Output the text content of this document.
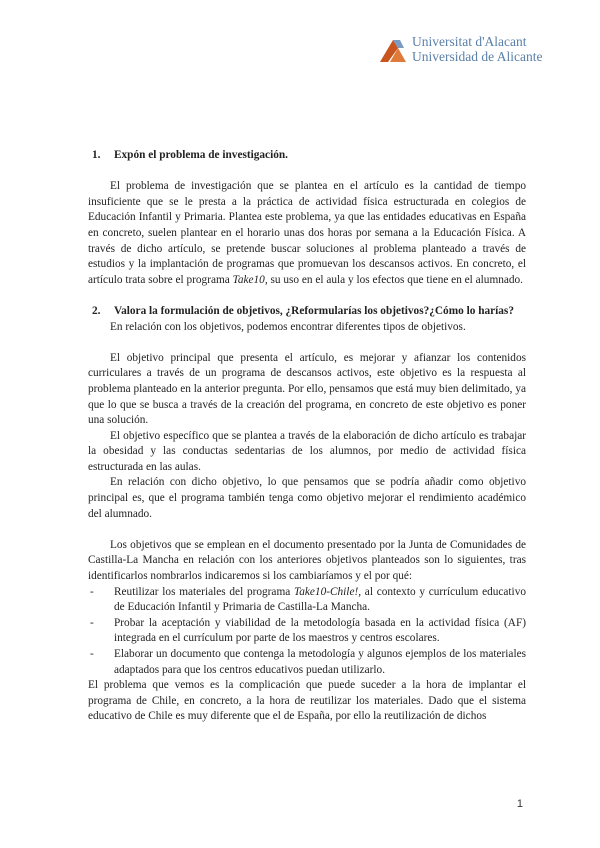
Universitat d'Alacant
Universidad de Alicante
1.	Expón el problema de investigación.

El problema de investigación que se plantea en el artículo es la cantidad de tiempo insuficiente que se le presta a la práctica de actividad física estructurada en colegios de Educación Infantil y Primaria. Plantea este problema, ya que las entidades educativas en España en concreto, suelen plantear en el horario unas dos horas por semana a la Educación Física. A través de dicho artículo, se pretende buscar soluciones al problema planteado a través de estudios y la implantación de programas que promuevan los descansos activos. En concreto, el artículo trata sobre el programa Take10, su uso en el aula y los efectos que tiene en el alumnado.

2.	Valora la formulación de objetivos, ¿Reformularías los objetivos?¿Cómo lo harías?

En relación con los objetivos, podemos encontrar diferentes tipos de objetivos.

El objetivo principal que presenta el artículo, es mejorar y afianzar los contenidos curriculares a través de un programa de descansos activos, este objetivo es la respuesta al problema planteado en la anterior pregunta. Por ello, pensamos que está muy bien delimitado, ya que lo que se busca a través de la creación del programa, en concreto de este objetivo es poner una solución.

El objetivo específico que se plantea a través de la elaboración de dicho artículo es trabajar la obesidad y las conductas sedentarias de los alumnos, por medio de actividad física estructurada en las aulas.

En relación con dicho objetivo, lo que pensamos que se podría añadir como objetivo principal es, que el programa también tenga como objetivo mejorar el rendimiento académico del alumnado.

Los objetivos que se emplean en el documento presentado por la Junta de Comunidades de Castilla-La Mancha en relación con los anteriores objetivos planteados son lo siguientes, tras identificarlos nombrarlos indicaremos si los cambiaríamos y el por qué:

-	Reutilizar los materiales del programa Take10-Chile!, al contexto y currículum educativo de Educación Infantil y Primaria de Castilla-La Mancha.
-	Probar la aceptación y viabilidad de la metodología basada en la actividad física (AF) integrada en el currículum por parte de los maestros y centros escolares.
-	Elaborar un documento que contenga la metodología y algunos ejemplos de los materiales adaptados para que los centros educativos puedan utilizarlo.

El problema que vemos es la complicación que puede suceder a la hora de implantar el programa de Chile, en concreto, a la hora de reutilizar los materiales. Dado que el sistema educativo de Chile es muy diferente que el de España, por ello la reutilización de dichos

1
